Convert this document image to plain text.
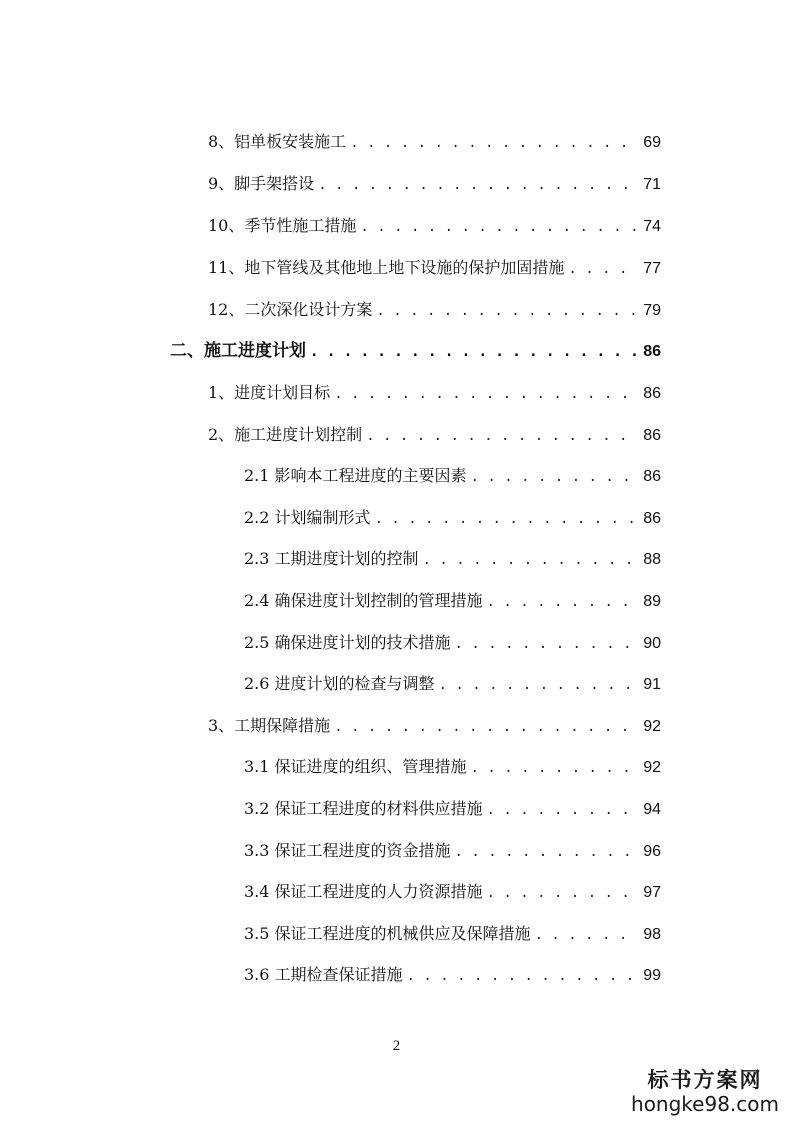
8、铝单板安装施工 . . .	69
9、脚手架搭设 . . .	71
10、季节性施工措施 . . .	74
11、地下管线及其他地上地下设施的保护加固措施 . . .	77
12、二次深化设计方案 . . .	79
二、施工进度计划 . . .	86
1、进度计划目标 . . .	86
2、施工进度计划控制 . . .	86
2.1 影响本工程进度的主要因素 . . .	86
2.2 计划编制形式 . . .	86
2.3 工期进度计划的控制 . . .	88
2.4 确保进度计划控制的管理措施 . . .	89
2.5 确保进度计划的技术措施 . . .	90
2.6 进度计划的检查与调整 . . .	91
3、工期保障措施 . . .	92
3.1 保证进度的组织、管理措施 . . .	92
3.2 保证工程进度的材料供应措施 . . .	94
3.3 保证工程进度的资金措施 . . .	96
3.4 保证工程进度的人力资源措施 . . .	97
3.5 保证工程进度的机械供应及保障措施 . . .	98
3.6 工期检查保证措施 . . .	99
2
标书方案网
hongke98.com
